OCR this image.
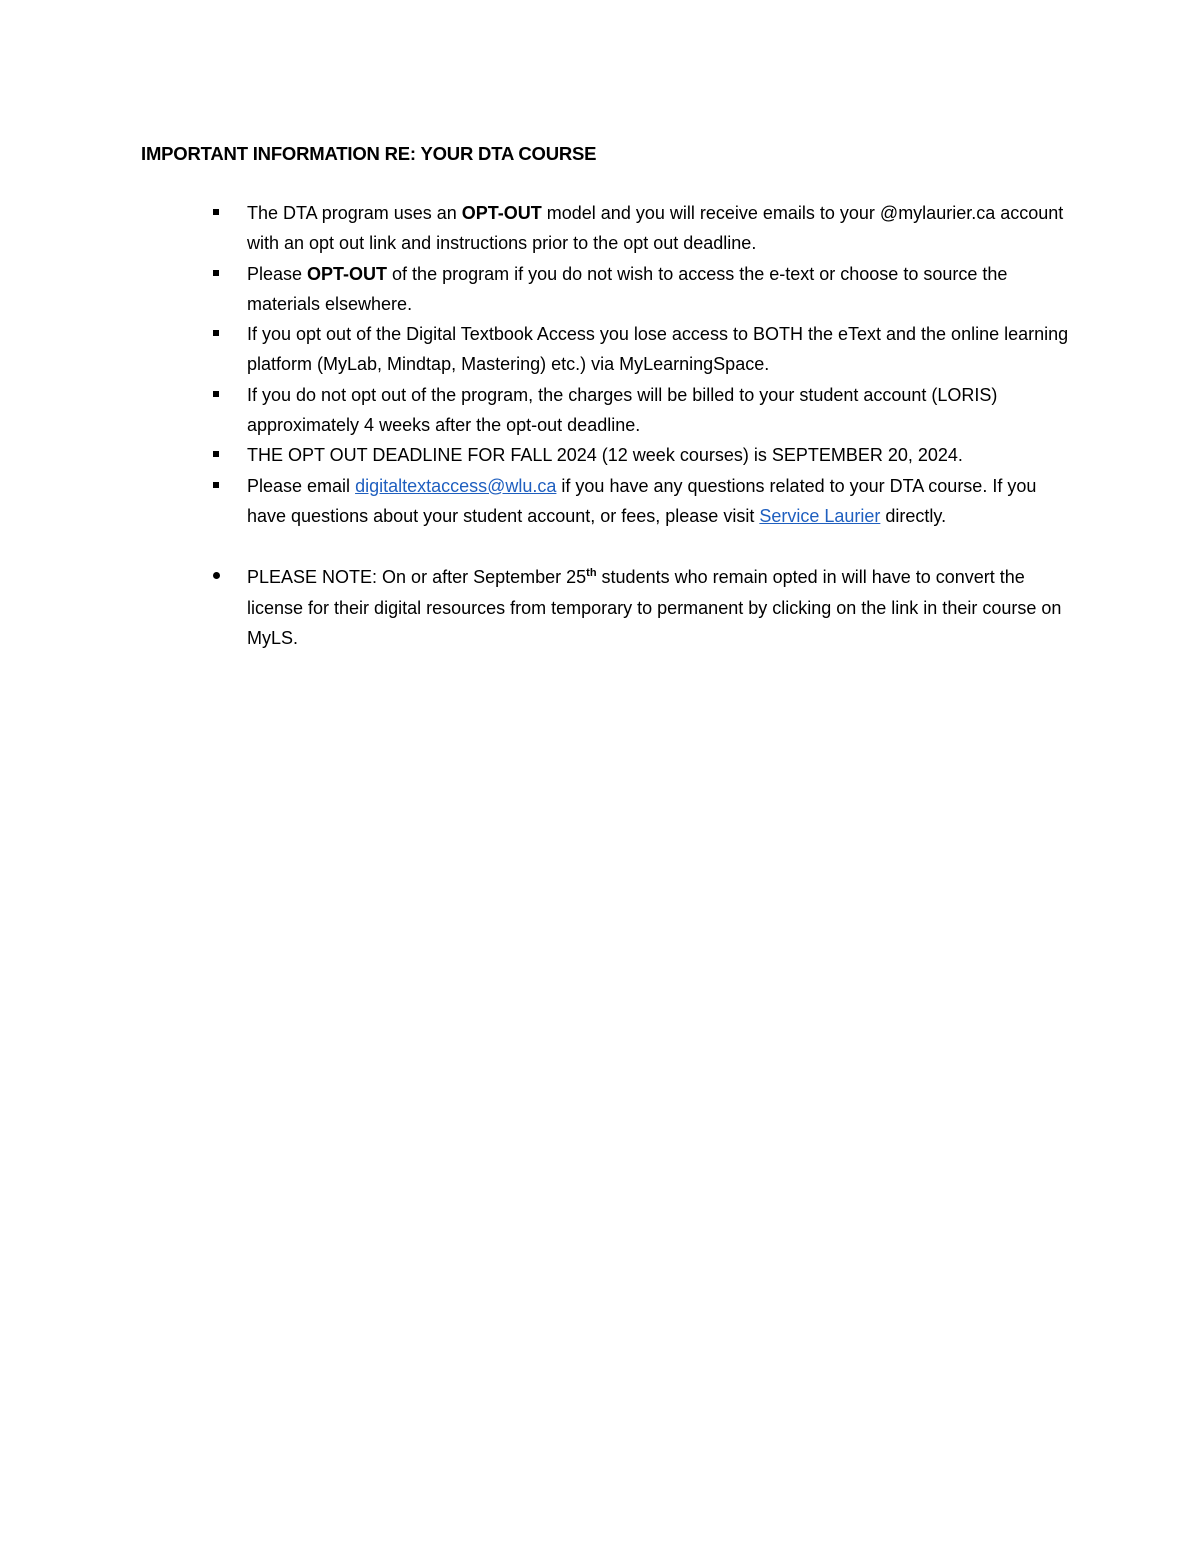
IMPORTANT INFORMATION RE: YOUR DTA COURSE
The DTA program uses an OPT-OUT model and you will receive emails to your @mylaurier.ca account with an opt out link and instructions prior to the opt out deadline.
Please OPT-OUT of the program if you do not wish to access the e-text or choose to source the materials elsewhere.
If you opt out of the Digital Textbook Access you lose access to BOTH the eText and the online learning platform (MyLab, Mindtap, Mastering) etc.) via MyLearningSpace.
If you do not opt out of the program, the charges will be billed to your student account (LORIS) approximately 4 weeks after the opt-out deadline.
THE OPT OUT DEADLINE FOR FALL 2024 (12 week courses) is SEPTEMBER 20, 2024.
Please email digitaltextaccess@wlu.ca if you have any questions related to your DTA course. If you have questions about your student account, or fees, please visit Service Laurier directly.
PLEASE NOTE: On or after September 25th students who remain opted in will have to convert the license for their digital resources from temporary to permanent by clicking on the link in their course on MyLS.
